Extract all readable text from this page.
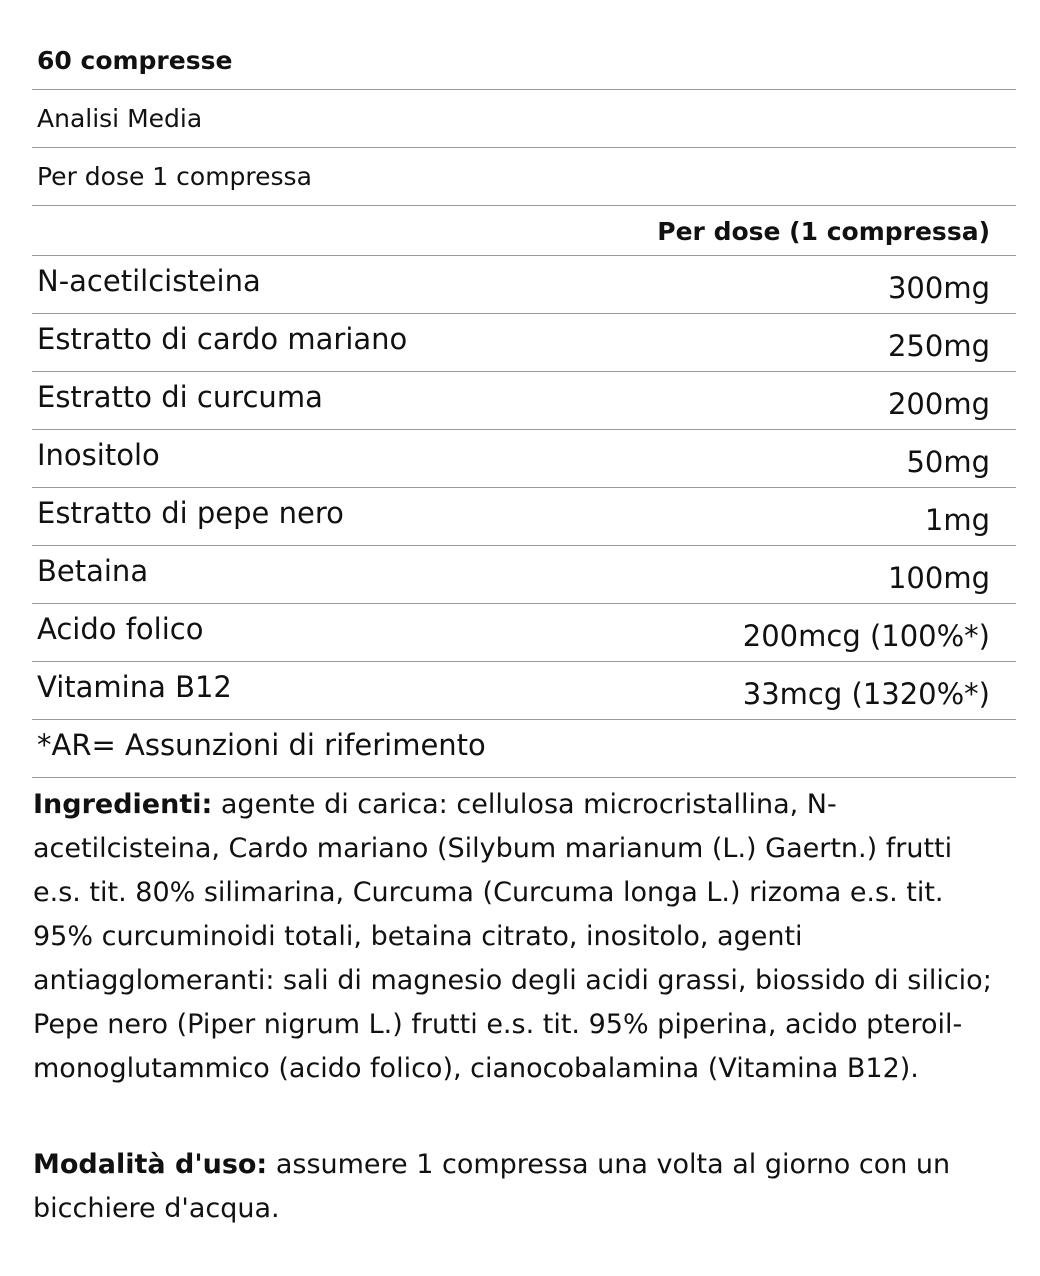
60 compresse
Analisi Media
Per dose 1 compressa
Per dose (1 compressa)
N-acetilcisteina	300mg
Estratto di cardo mariano	250mg
Estratto di curcuma	200mg
Inositolo	50mg
Estratto di pepe nero	1mg
Betaina	100mg
Acido folico	200mcg (100%*)
Vitamina B12	33mcg (1320%*)
*AR= Assunzioni di riferimento

Ingredienti: agente di carica: cellulosa microcristallina, N-acetilcisteina, Cardo mariano (Silybum marianum (L.) Gaertn.) frutti e.s. tit. 80% silimarina, Curcuma (Curcuma longa L.) rizoma e.s. tit. 95% curcuminoidi totali, betaina citrato, inositolo, agenti antiagglomeranti: sali di magnesio degli acidi grassi, biossido di silicio; Pepe nero (Piper nigrum L.) frutti e.s. tit. 95% piperina, acido pteroil-monoglutammico (acido folico), cianocobalamina (Vitamina B12).

Modalità d'uso: assumere 1 compressa una volta al giorno con un bicchiere d'acqua.
